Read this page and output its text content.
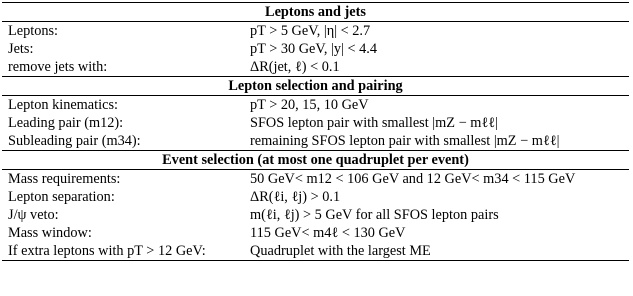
Leptons and jets
Leptons:	pT > 5 GeV, |η| < 2.7
Jets:	pT > 30 GeV, |y| < 4.4
remove jets with:	ΔR(jet, ℓ) < 0.1
Lepton selection and pairing
Lepton kinematics:	pT > 20, 15, 10 GeV
Leading pair (m12):	SFOS lepton pair with smallest |mZ − mℓℓ|
Subleading pair (m34):	remaining SFOS lepton pair with smallest |mZ − mℓℓ|
Event selection (at most one quadruplet per event)
Mass requirements:	50 GeV< m12 < 106 GeV and 12 GeV< m34 < 115 GeV
Lepton separation:	ΔR(ℓi, ℓj) > 0.1
J/ψ veto:	m(ℓi, ℓj) > 5 GeV for all SFOS lepton pairs
Mass window:	115 GeV< m4ℓ < 130 GeV
If extra leptons with pT > 12 GeV:	Quadruplet with the largest ME
